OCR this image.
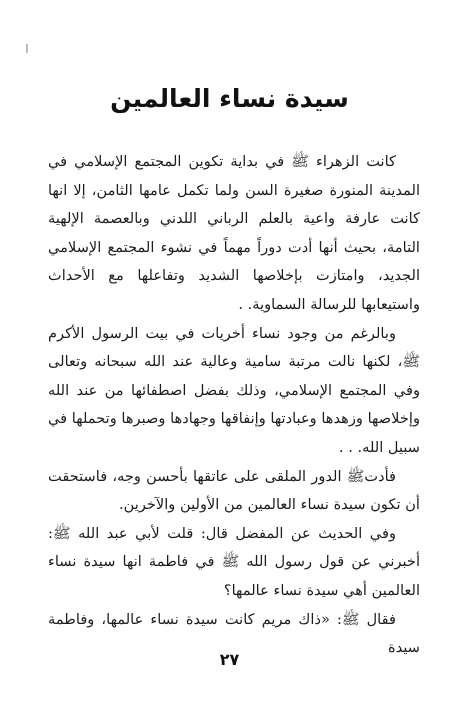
سيدة نساء العالمين

كانت الزهراء ﷺ في بداية تكوين المجتمع الإسلامي في المدينة المنورة صغيرة السن ولما تكمل عامها الثامن، إلا انها كانت عارفة واعية بالعلم الرباني اللدني وبالعصمة الإلهية التامة، بحيث أنها أدت دوراً مهماً في نشوء المجتمع الإسلامي الجديد، وامتازت بإخلاصها الشديد وتفاعلها مع الأحداث واستيعابها للرسالة السماوية. .

وبالرغم من وجود نساء أخريات في بيت الرسول الأكرم ﷺ، لكنها نالت مرتبة سامية وعالية عند الله سبحانه وتعالى وفي المجتمع الإسلامي، وذلك بفضل اصطفائها من عند الله وإخلاصها وزهدها وعبادتها وإنفاقها وجهادها وصبرها وتحملها في سبيل الله. . .

فأدتﷺ الدور الملقى على عاتقها بأحسن وجه، فاستحقت أن تكون سيدة نساء العالمين من الأولين والآخرين.

وفي الحديث عن المفضل قال: قلت لأبي عبد الله ﷺ: أخبرني عن قول رسول الله ﷺ في فاطمة انها سيدة نساء العالمين أهي سيدة نساء عالمها؟

فقال ﷺ: «ذاك مريم كانت سيدة نساء عالمها، وفاطمة سيدة

٢٧
